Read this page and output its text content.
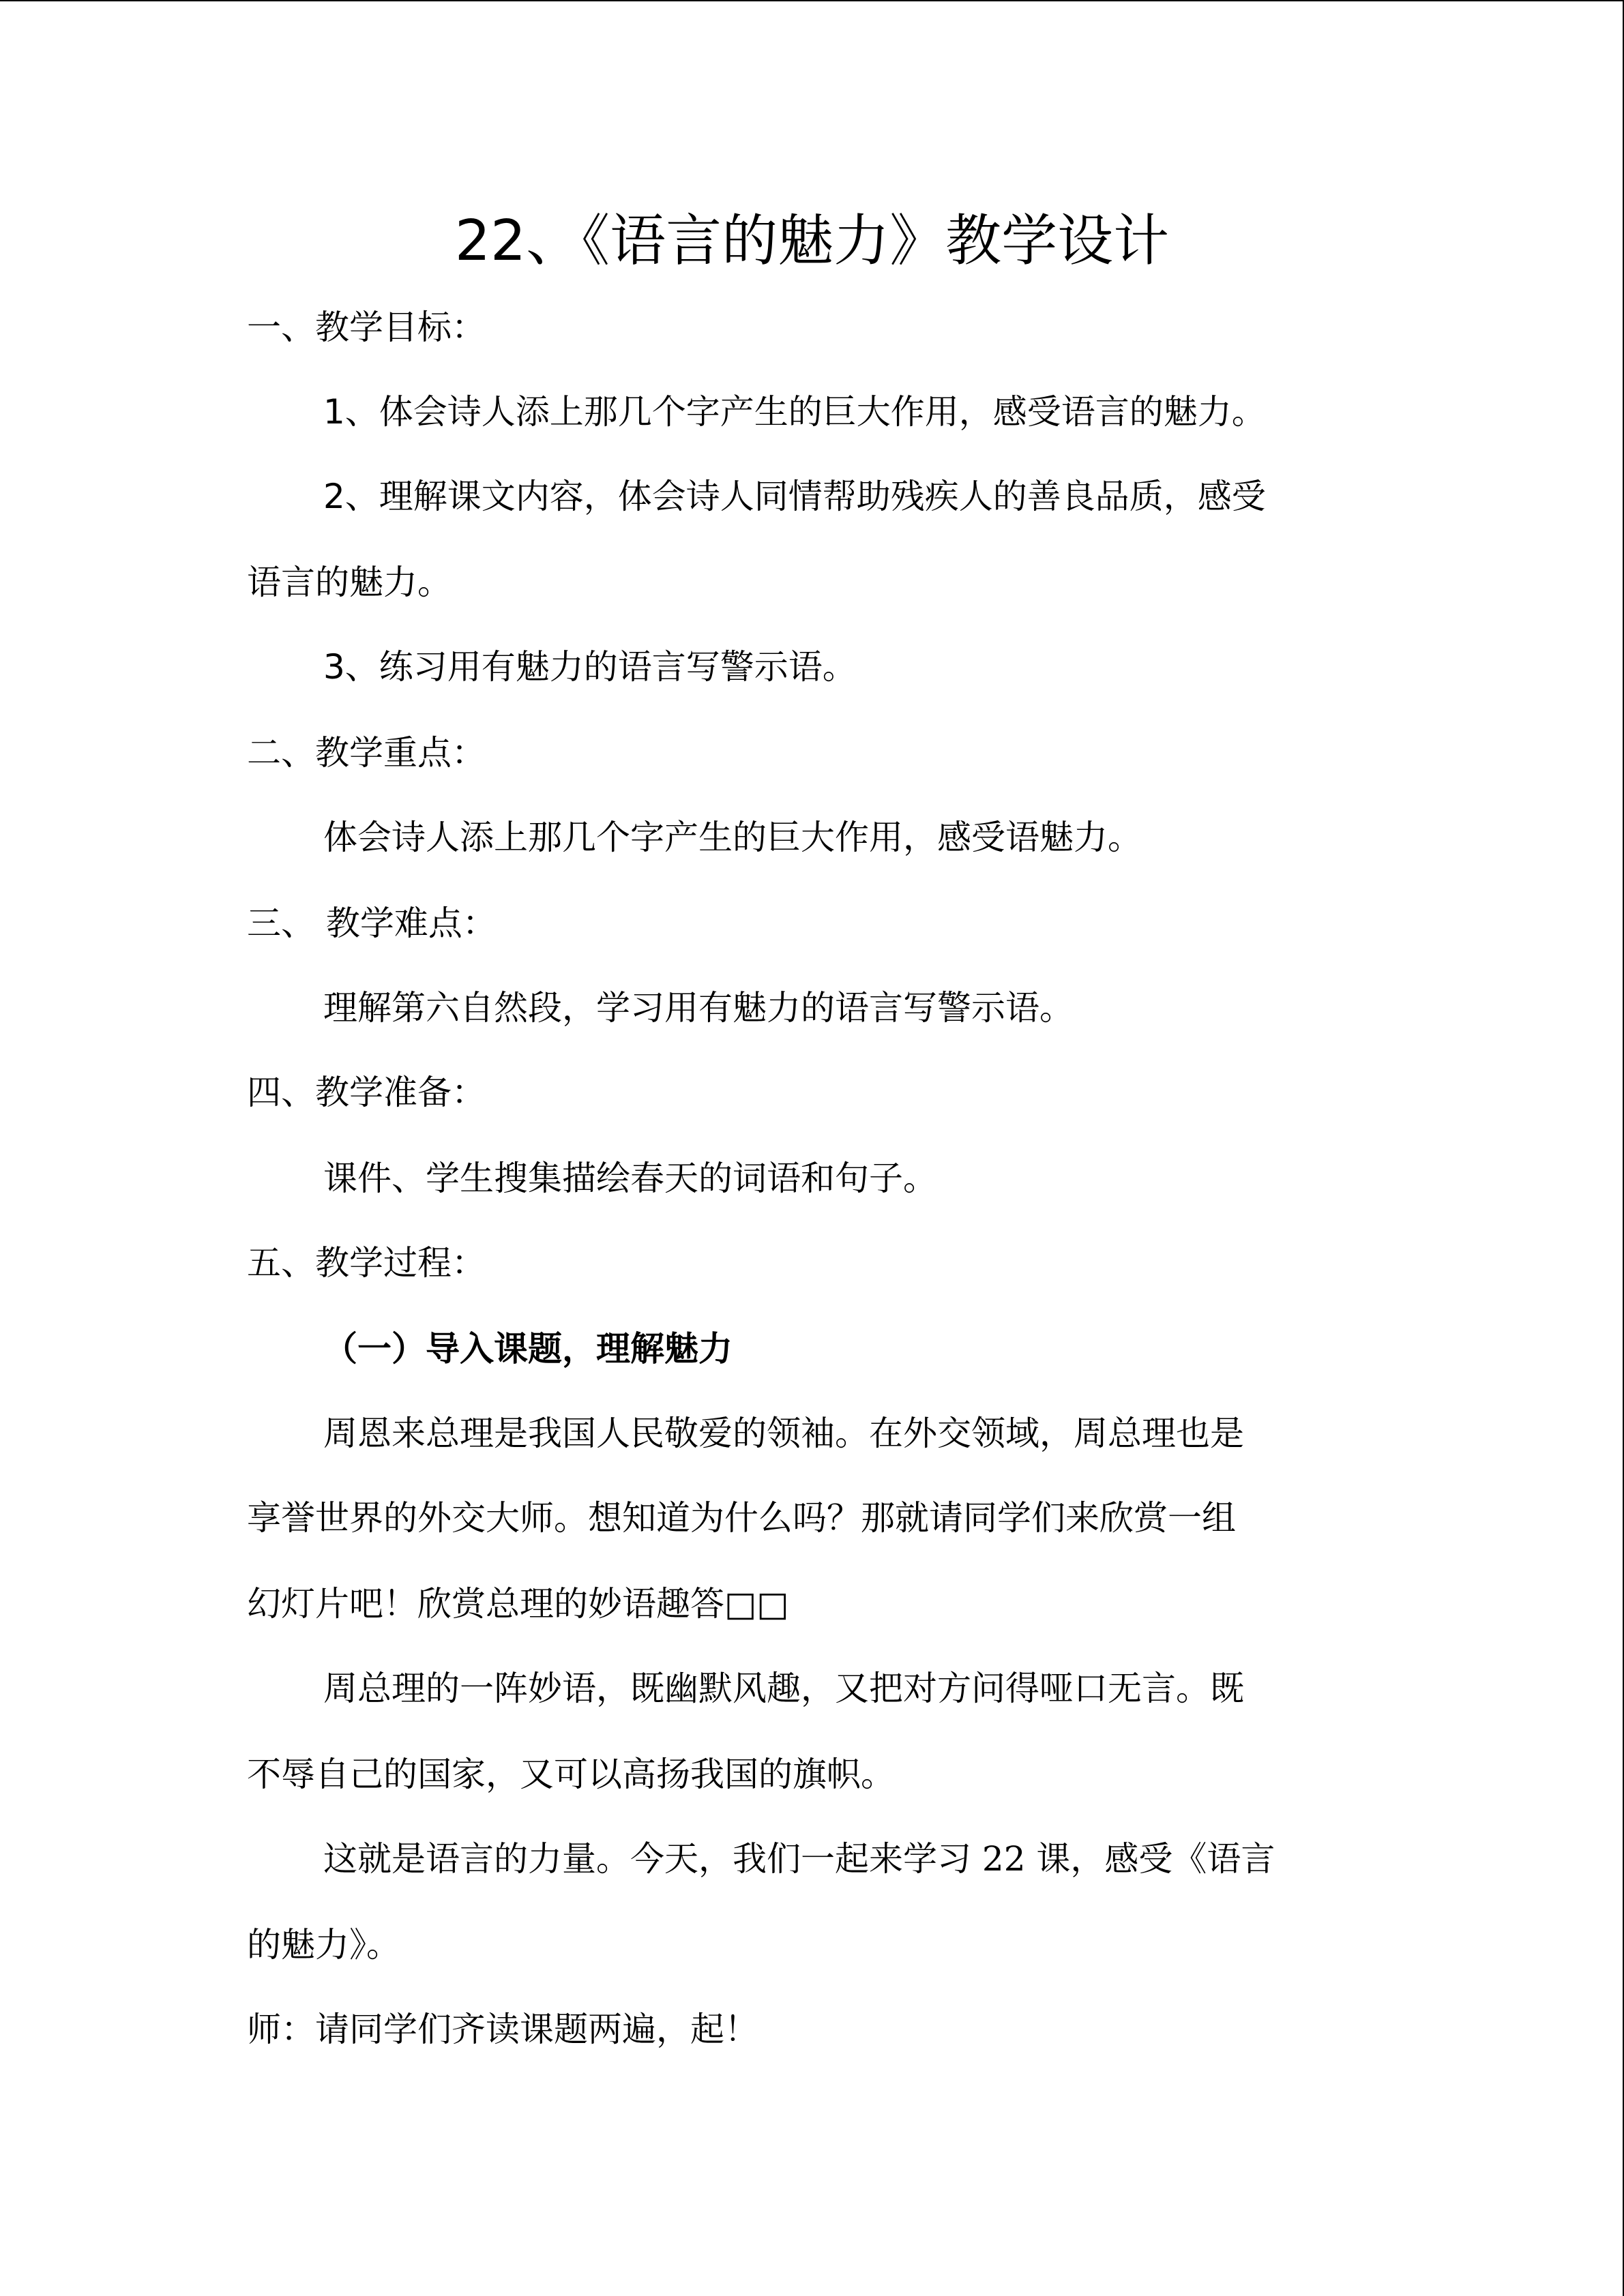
22、《语言的魅力》教学设计
一、教学目标：
1、体会诗人添上那几个字产生的巨大作用，感受语言的魅力。
2、理解课文内容，体会诗人同情帮助残疾人的善良品质，感受
语言的魅力。
3、练习用有魅力的语言写警示语。
二、教学重点：
体会诗人添上那几个字产生的巨大作用，感受语魅力。
三、 教学难点：
理解第六自然段，学习用有魅力的语言写警示语。
四、教学准备：
课件、学生搜集描绘春天的词语和句子。
五、教学过程：
（一）导入课题，理解魅力
周恩来总理是我国人民敬爱的领袖。在外交领域，周总理也是
享誉世界的外交大师。想知道为什么吗？那就请同学们来欣赏一组
幻灯片吧！欣赏总理的妙语趣答□□
周总理的一阵妙语，既幽默风趣，又把对方问得哑口无言。既
不辱自己的国家，又可以高扬我国的旗帜。
这就是语言的力量。今天，我们一起来学习 22 课，感受《语言
的魅力》。
师：请同学们齐读课题两遍，起！
